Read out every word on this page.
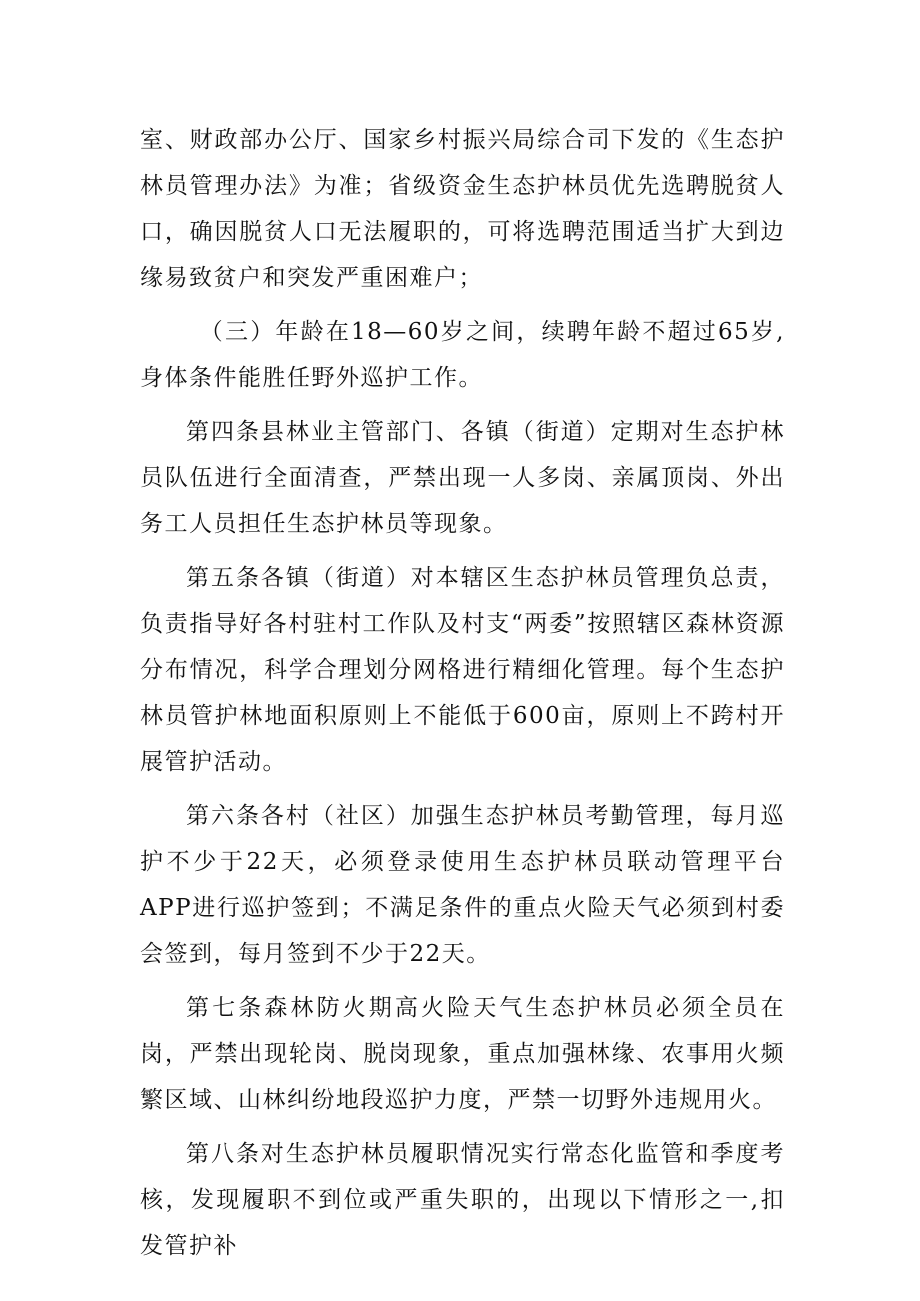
室、财政部办公厅、国家乡村振兴局综合司下发的《生态护林员管理办法》为准；省级资金生态护林员优先选聘脱贫人口，确因脱贫人口无法履职的，可将选聘范围适当扩大到边缘易致贫户和突发严重困难户；

（三）年龄在18—60岁之间，续聘年龄不超过65岁,身体条件能胜任野外巡护工作。

第四条县林业主管部门、各镇（街道）定期对生态护林员队伍进行全面清查，严禁出现一人多岗、亲属顶岗、外出务工人员担任生态护林员等现象。

第五条各镇（街道）对本辖区生态护林员管理负总责，负责指导好各村驻村工作队及村支“两委”按照辖区森林资源分布情况，科学合理划分网格进行精细化管理。每个生态护林员管护林地面积原则上不能低于600亩，原则上不跨村开展管护活动。

第六条各村（社区）加强生态护林员考勤管理，每月巡护不少于22天，必须登录使用生态护林员联动管理平台APP进行巡护签到；不满足条件的重点火险天气必须到村委会签到，每月签到不少于22天。

第七条森林防火期高火险天气生态护林员必须全员在岗，严禁出现轮岗、脱岗现象，重点加强林缘、农事用火频繁区域、山林纠纷地段巡护力度，严禁一切野外违规用火。

第八条对生态护林员履职情况实行常态化监管和季度考核，发现履职不到位或严重失职的，出现以下情形之一,扣发管护补
